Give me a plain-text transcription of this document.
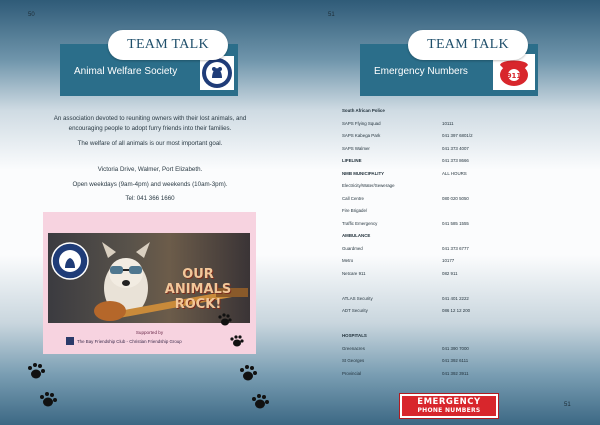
50
Animal Welfare Society
TEAM TALK
An association devoted to reuniting owners with their lost animals, and encouraging people to adopt furry friends into their families.
The welfare of all animals is our most important goal.
Victoria Drive, Walmer, Port Elizabeth.
Open weekdays (9am-4pm) and weekends (10am-3pm).
Tel: 041 366 1660
OUR ANIMALS
ROCK!
Supported by
The Bay Friendship Club - Christian Friendship Group
51
Emergency Numbers	911
TEAM TALK
South African Police
SAPS Flying Squad	10111
SAPS Kabega Park	041 397 6801/2
SAPS Walmer	041 373 4007
LIFELINE	041 373 8666
NMB MUNICIPALITY	ALL HOURS
Electricity/Water/Sewerage
Call Centre	080 020 5050
Fire Brigade/
Traffic Emergency	041 585 1555
AMBULANCE
Guardmed	041 373 6777
Metro	10177
Netcare 911	082 911
ATLAS Security	041 401 2222
ADT Security	086 12 12 200
HOSPITALS
Greenacres	041 390 7000
St Georges	041 392 6111
Provincial	041 392 3911
EMERGENCY
PHONE NUMBERS
51
